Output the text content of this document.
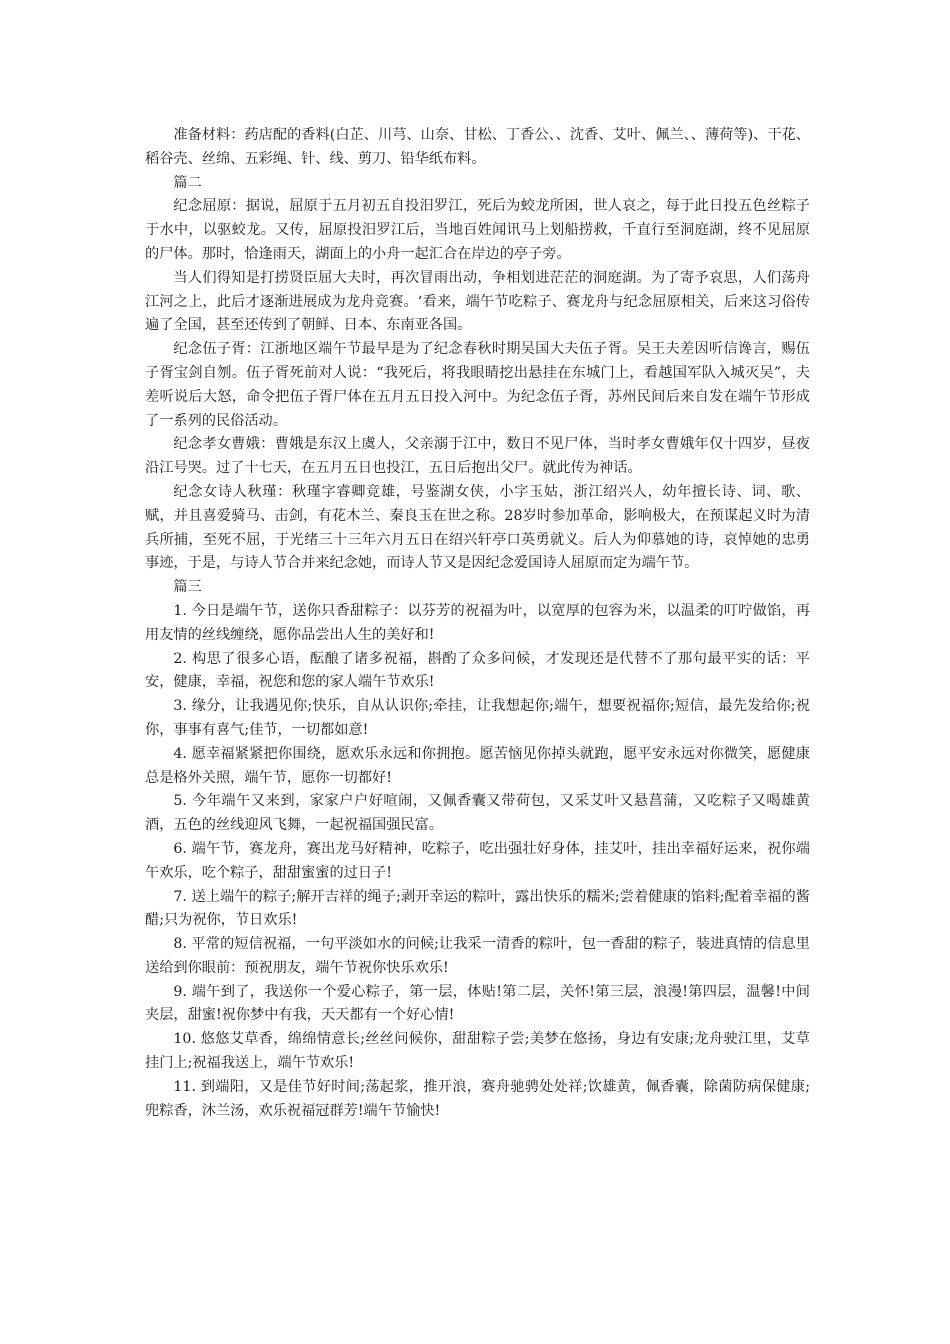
准备材料：药店配的香料(白芷、川芎、山奈、甘松、丁香公、、沈香、艾叶、佩兰、、薄荷等)、干花、稻谷壳、丝绵、五彩绳、针、线、剪刀、铅华纸布料。

篇二

纪念屈原：据说，屈原于五月初五自投汨罗江，死后为蛟龙所困，世人哀之，每于此日投五色丝粽子于水中，以驱蛟龙。又传，屈原投汨罗江后，当地百姓闻讯马上划船捞救，千直行至洞庭湖，终不见屈原的尸体。那时，恰逢雨天，湖面上的小舟一起汇合在岸边的亭子旁。

当人们得知是打捞贤臣屈大夫时，再次冒雨出动，争相划进茫茫的洞庭湖。为了寄予哀思，人们荡舟江河之上，此后才逐渐进展成为龙舟竞赛。‘看来，端午节吃粽子、赛龙舟与纪念屈原相关，后来这习俗传遍了全国，甚至还传到了朝鲜、日本、东南亚各国。

纪念伍子胥：江浙地区端午节最早是为了纪念春秋时期吴国大夫伍子胥。吴王夫差因听信谗言，赐伍子胥宝剑自刎。伍子胥死前对人说：“我死后，将我眼睛挖出悬挂在东城门上，看越国军队入城灭吴”，夫差听说后大怒，命令把伍子胥尸体在五月五日投入河中。为纪念伍子胥，苏州民间后来自发在端午节形成了一系列的民俗活动。

纪念孝女曹娥：曹娥是东汉上虞人，父亲溺于江中，数日不见尸体，当时孝女曹娥年仅十四岁，昼夜沿江号哭。过了十七天，在五月五日也投江，五日后抱出父尸。就此传为神话。

纪念女诗人秋瑾：秋瑾字睿卿竞雄，号鉴湖女侠，小字玉姑，浙江绍兴人，幼年擅长诗、词、歌、赋，并且喜爱骑马、击剑，有花木兰、秦良玉在世之称。28岁时参加革命，影响极大，在预谋起义时为清兵所捕，至死不屈，于光绪三十三年六月五日在绍兴轩亭口英勇就义。后人为仰慕她的诗，哀悼她的忠勇事迹，于是，与诗人节合并来纪念她，而诗人节又是因纪念爱国诗人屈原而定为端午节。

篇三

1. 今日是端午节，送你只香甜粽子：以芬芳的祝福为叶，以宽厚的包容为米，以温柔的叮咛做馅，再用友情的丝线缠绕，愿你品尝出人生的美好和!

2. 构思了很多心语，酝酿了诸多祝福，斟酌了众多问候，才发现还是代替不了那句最平实的话：平安，健康，幸福，祝您和您的家人端午节欢乐!

3. 缘分，让我遇见你;快乐，自从认识你;牵挂，让我想起你;端午，想要祝福你;短信，最先发给你;祝你，事事有喜气;佳节，一切都如意!

4. 愿幸福紧紧把你围绕，愿欢乐永远和你拥抱。愿苦恼见你掉头就跑，愿平安永远对你微笑，愿健康总是格外关照，端午节，愿你一切都好!

5. 今年端午又来到，家家户户好喧闹，又佩香囊又带荷包，又采艾叶又悬菖蒲，又吃粽子又喝雄黄酒，五色的丝线迎风飞舞，一起祝福国强民富。

6. 端午节，赛龙舟，赛出龙马好精神，吃粽子，吃出强壮好身体，挂艾叶，挂出幸福好运来，祝你端午欢乐，吃个粽子，甜甜蜜蜜的过日子!

7. 送上端午的粽子;解开吉祥的绳子;剥开幸运的粽叶，露出快乐的糯米;尝着健康的馅料;配着幸福的酱醋;只为祝你，节日欢乐!

8. 平常的短信祝福，一句平淡如水的问候;让我采一清香的粽叶，包一香甜的粽子，装进真情的信息里送给到你眼前：预祝朋友，端午节祝你快乐欢乐!

9. 端午到了，我送你一个爱心粽子，第一层，体贴!第二层，关怀!第三层，浪漫!第四层，温馨!中间夹层，甜蜜!祝你梦中有我，天天都有一个好心情!

10. 悠悠艾草香，绵绵情意长;丝丝问候你，甜甜粽子尝;美梦在悠扬，身边有安康;龙舟驶江里，艾草挂门上;祝福我送上，端午节欢乐!

11. 到端阳，又是佳节好时间;荡起浆，推开浪，赛舟驰骋处处祥;饮雄黄，佩香囊，除菌防病保健康;兜粽香，沐兰汤，欢乐祝福冠群芳!端午节愉快!
